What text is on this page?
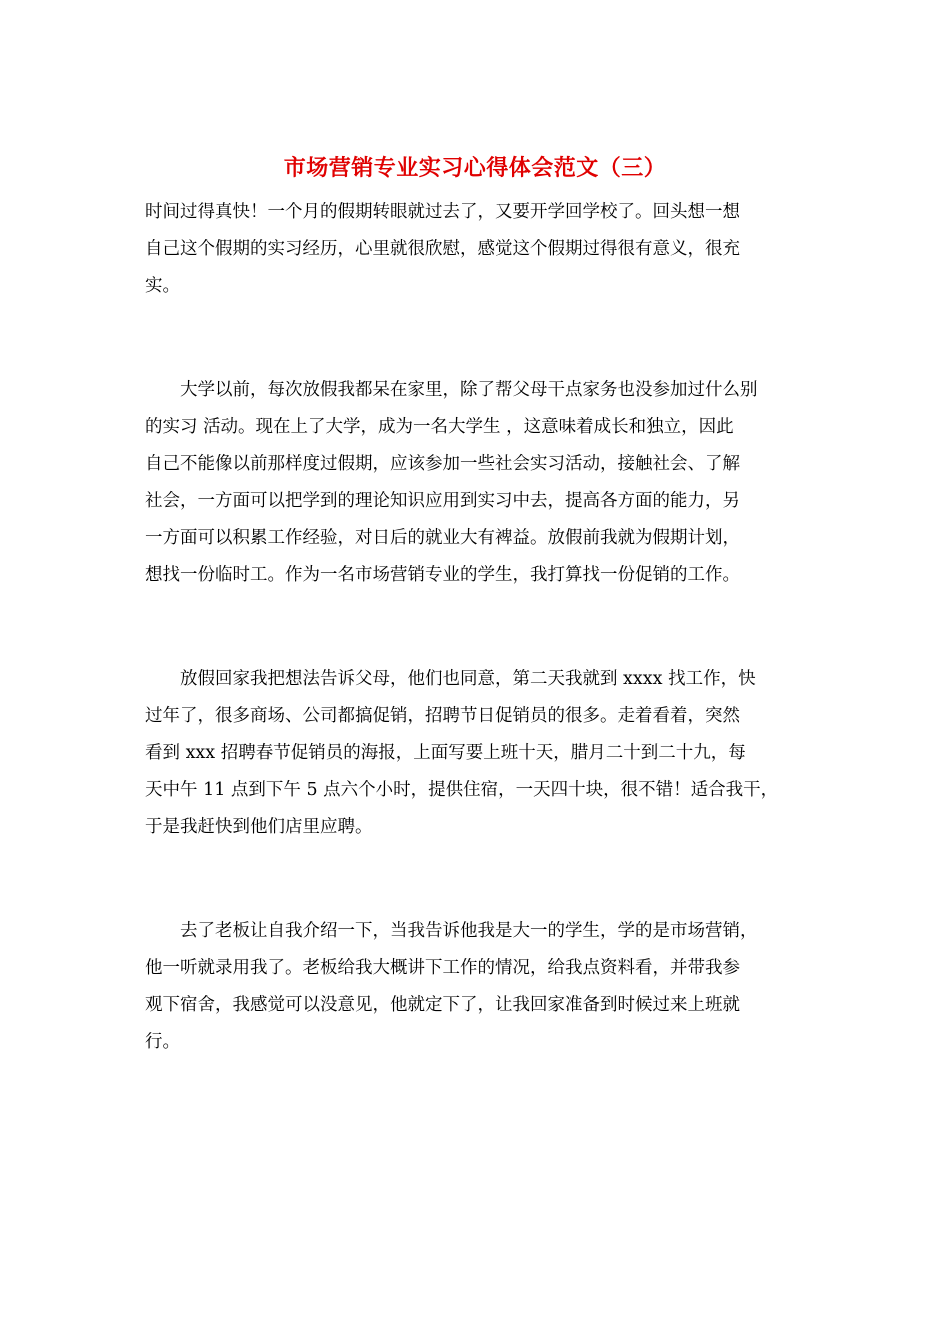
市场营销专业实习心得体会范文（三）
时间过得真快！一个月的假期转眼就过去了，又要开学回学校了。回头想一想
自己这个假期的实习经历，心里就很欣慰，感觉这个假期过得很有意义，很充
实。
　　大学以前，每次放假我都呆在家里，除了帮父母干点家务也没参加过什么别
的实习 活动。现在上了大学，成为一名大学生 ，这意味着成长和独立，因此
自己不能像以前那样度过假期，应该参加一些社会实习活动，接触社会、了解
社会，一方面可以把学到的理论知识应用到实习中去，提高各方面的能力，另
一方面可以积累工作经验，对日后的就业大有裨益。放假前我就为假期计划，
想找一份临时工。作为一名市场营销专业的学生，我打算找一份促销的工作。
　　放假回家我把想法告诉父母，他们也同意，第二天我就到 xxxx 找工作，快
过年了，很多商场、公司都搞促销，招聘节日促销员的很多。走着看着，突然
看到 xxx 招聘春节促销员的海报，上面写要上班十天，腊月二十到二十九，每
天中午 11 点到下午 5 点六个小时，提供住宿，一天四十块，很不错！适合我干，
于是我赶快到他们店里应聘。
　　去了老板让自我介绍一下，当我告诉他我是大一的学生，学的是市场营销，
他一听就录用我了。老板给我大概讲下工作的情况，给我点资料看，并带我参
观下宿舍，我感觉可以没意见，他就定下了，让我回家准备到时候过来上班就
行。
